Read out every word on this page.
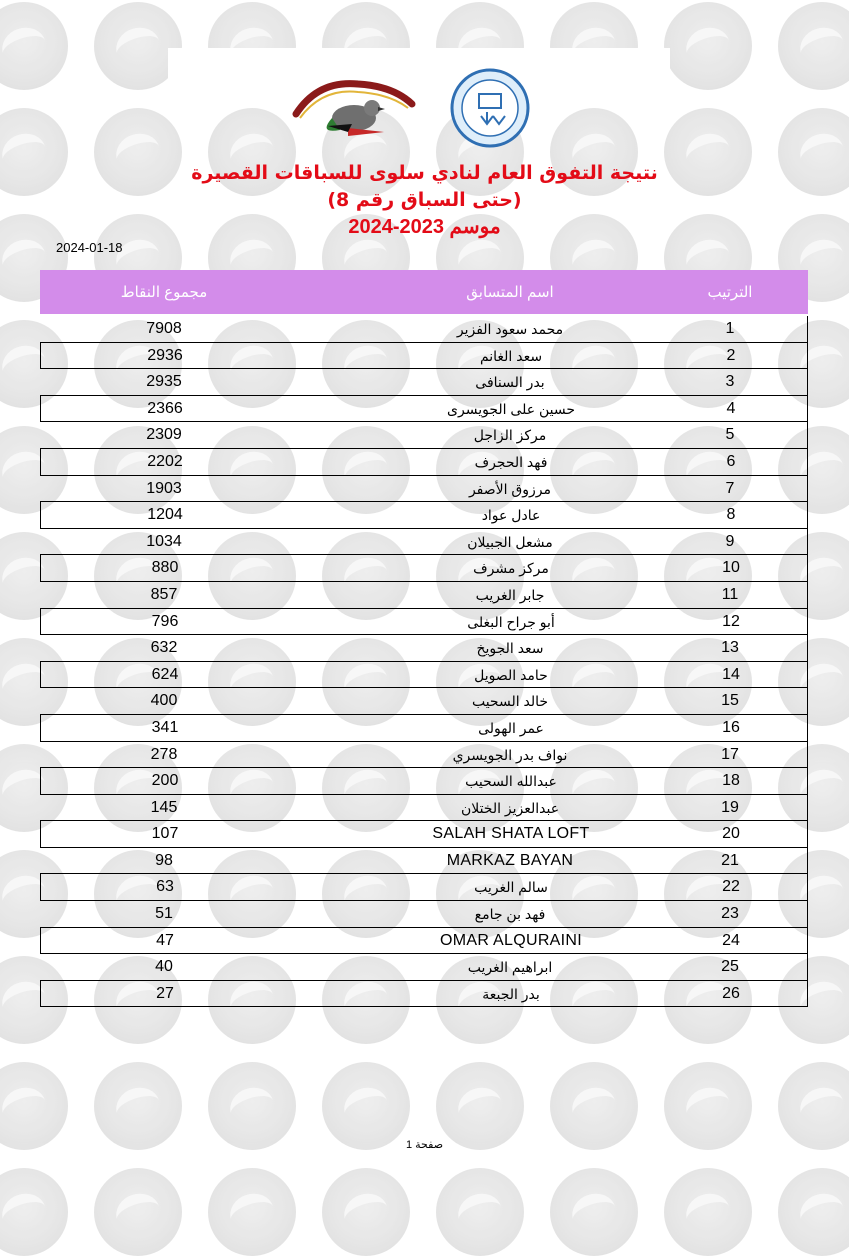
نتيجة التفوق العام لنادي سلوى للسباقات القصيرة
(حتى السباق رقم 8)
موسم 2023-2024
2024-01-18
مجموع النقاط	اسم المتسابق	الترتيب
7908	محمد سعود الفزير	1
2936	سعد الغانم	2
2935	بدر السنافى	3
2366	حسين على الجويسرى	4
2309	مركز الزاجل	5
2202	فهد الحجرف	6
1903	مرزوق الأصفر	7
1204	عادل عواد	8
1034	مشعل الجبيلان	9
880	مركز مشرف	10
857	جابر الغريب	11
796	أبو جراح البغلى	12
632	سعد الجويخ	13
624	حامد الصويل	14
400	خالد السحيب	15
341	عمر الهولى	16
278	نواف بدر الجويسري	17
200	عبدالله السحيب	18
145	عبدالعزيز الختلان	19
107	SALAH SHATA LOFT	20
98	MARKAZ BAYAN	21
63	سالم الغريب	22
51	فهد بن جامع	23
47	OMAR ALQURAINI	24
40	ابراهيم الغريب	25
27	بدر الجبعة	26
صفحة 1
